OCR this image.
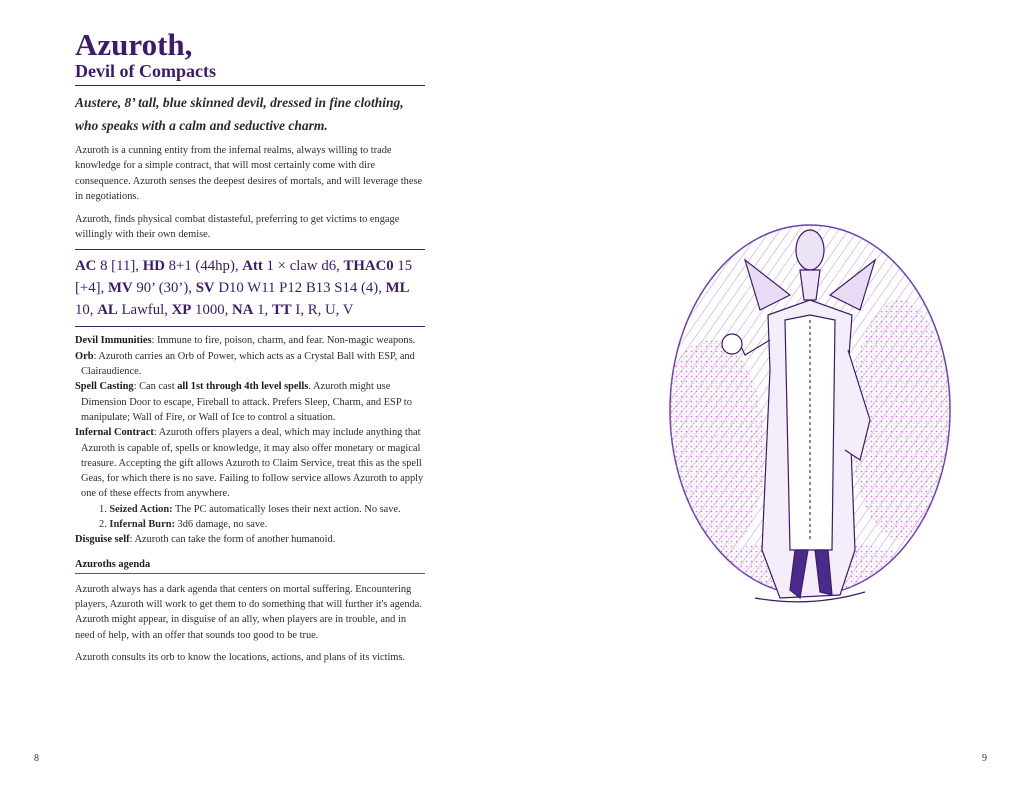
Azuroth,
Devil of Compacts

Austere, 8’ tall, blue skinned devil, dressed in fine clothing, who speaks with a calm and seductive charm.

Azuroth is a cunning entity from the infernal realms, always willing to trade knowledge for a simple contract, that will most certainly come with dire consequence. Azuroth senses the deepest desires of mortals, and will leverage these in negotiations.

Azuroth, finds physical combat distasteful, preferring to get victims to engage willingly with their own demise.

AC 8 [11], HD 8+1 (44hp), Att 1 × claw d6, THAC0 15 [+4], MV 90’ (30’), SV D10 W11 P12 B13 S14 (4), ML 10, AL Lawful, XP 1000, NA 1, TT I, R, U, V

Devil Immunities: Immune to fire, poison, charm, and fear. Non-magic weapons.

Orb: Azuroth carries an Orb of Power, which acts as a Crystal Ball with ESP, and Clairaudience.

Spell Casting: Can cast all 1st through 4th level spells. Azuroth might use Dimension Door to escape, Fireball to attack. Prefers Sleep, Charm, and ESP to manipulate; Wall of Fire, or Wall of Ice to control a situation.

Infernal Contract: Azuroth offers players a deal, which may include anything that Azuroth is capable of, spells or knowledge, it may also offer monetary or magical treasure. Accepting the gift allows Azuroth to Claim Service, treat this as the spell Geas, for which there is no save. Failing to follow service allows Azuroth to apply one of these effects from anywhere.

1. Seized Action: The PC automatically loses their next action. No save.

2. Infernal Burn: 3d6 damage, no save.

Disguise self: Azuroth can take the form of another humanoid.

Azuroths agenda

Azuroth always has a dark agenda that centers on mortal suffering. Encountering players, Azuroth will work to get them to do something that will further it's agenda. Azuroth might appear, in disguise of an ally, when players are in trouble, and in need of help, with an offer that sounds too good to be true.

Azuroth consults its orb to know the locations, actions, and plans of its victims.

8	9
